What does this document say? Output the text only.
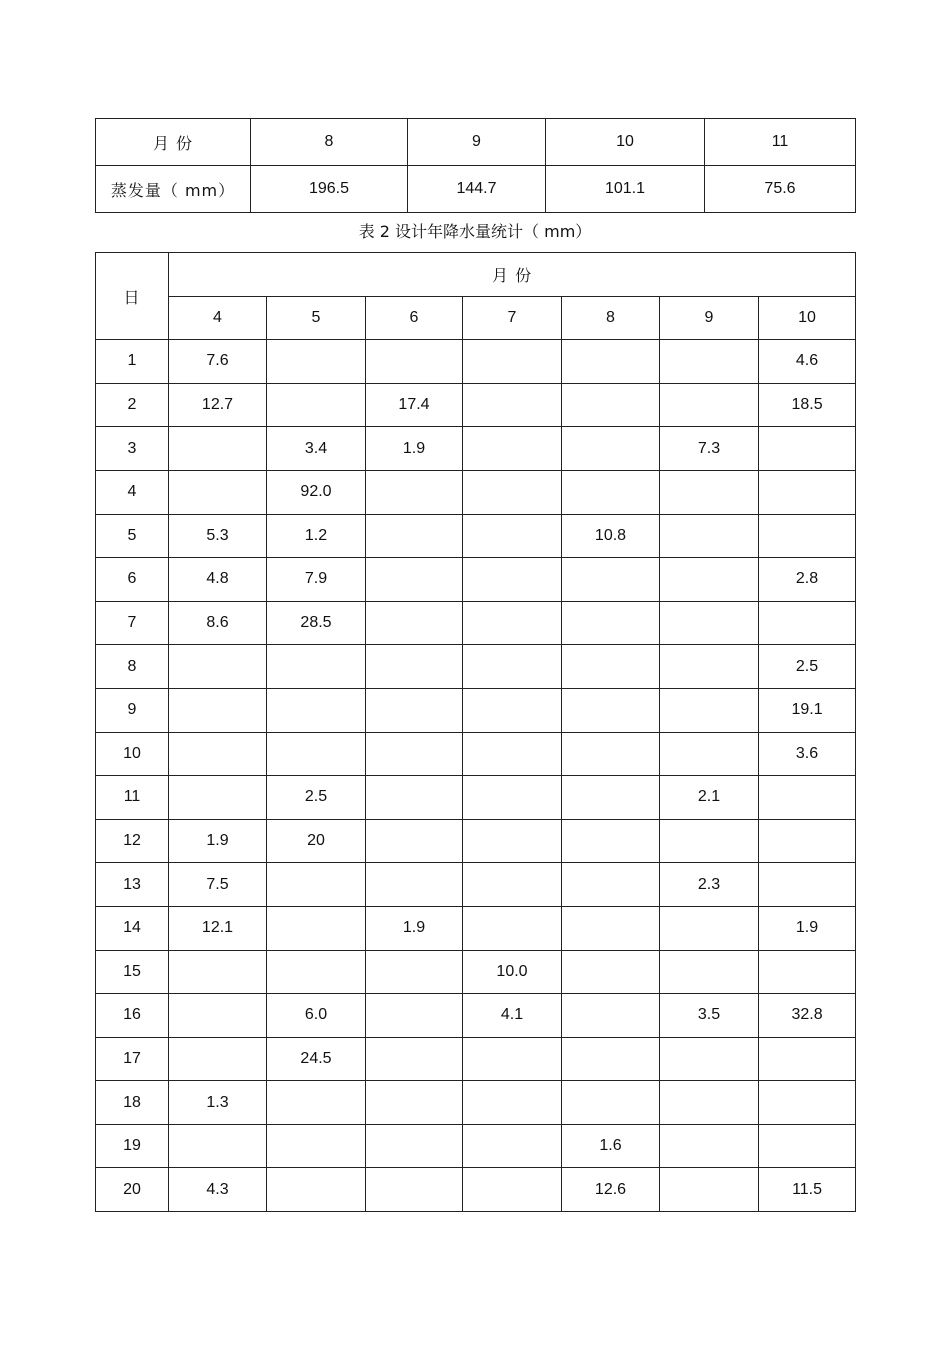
月 份	8	9	10	11
蒸发量（ mm）	196.5	144.7	101.1	75.6
表 2 设计年降水量统计（ mm）
日	月 份						
	4	5	6	7	8	9	10
1	7.6						4.6
2	12.7		17.4				18.5
3		3.4	1.9			7.3	
4		92.0					
5	5.3	1.2			10.8		
6	4.8	7.9					2.8
7	8.6	28.5					
8							2.5
9							19.1
10							3.6
11		2.5				2.1	
12	1.9	20					
13	7.5					2.3	
14	12.1		1.9				1.9
15				10.0			
16		6.0		4.1		3.5	32.8
17		24.5					
18	1.3						
19					1.6		
20	4.3				12.6		11.5
